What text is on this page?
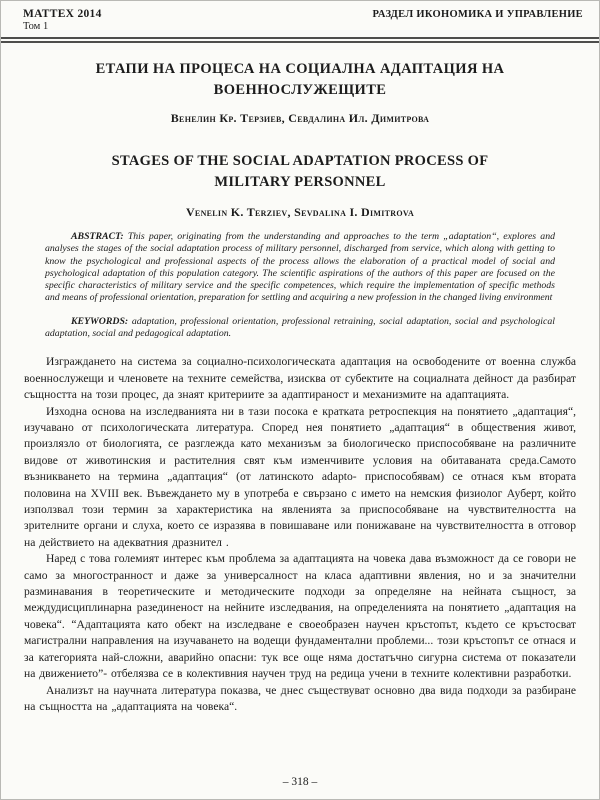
МАТТЕХ 2014
Том 1
РАЗДЕЛ ИКОНОМИКА И УПРАВЛЕНИЕ
ЕТАПИ НА ПРОЦЕСА НА СОЦИАЛНА АДАПТАЦИЯ НА ВОЕННОСЛУЖЕЩИТЕ
Венелин Кр. Терзиев, Севдалина Ил. Димитрова
STAGES OF THE SOCIAL ADAPTATION PROCESS OF MILITARY PERSONNEL
Venelin K. Terziev, Sevdalina I. Dimitrova

ABSTRACT: This paper, originating from the understanding and approaches to the term „adaptation“, explores and analyses the stages of the social adaptation process of military personnel, discharged from service, which along with getting to know the psychological and professional aspects of the process allows the elaboration of a practical model of social and psychological adaptation of this population category. The scientific aspirations of the authors of this paper are focused on the specific characteristics of military service and the specific competences, which require the implementation of specific methods and means of professional orientation, preparation for settling and acquiring a new profession in the changed living environment

KEYWORDS: adaptation, professional orientation, professional retraining, social adaptation, social and psychological adaptation, social and pedagogical adaptation.

Изграждането на система за социално-психологическата адаптация на освободените от военна служба военнослужещи и членовете на техните семейства, изисква от субектите на социалната дейност да разбират същността на този процес, да знаят критериите за адаптираност и механизмите на адаптацията.

Изходна основа на изследванията ни в тази посока е кратката ретроспекция на понятието „адаптация“, изучавано от психологическата литература. Според нея понятието „адаптация“ в обществения живот, произлязло от биологията, се разглежда като механизъм за биологическо приспособяване на различните видове от животинския и растителния свят към изменчивите условия на обитаваната среда.Самото възникването на термина „адаптация“ (от латинското adapto- приспособявам) се отнася към втората половина на XVIII век. Въвеждането му в употреба е свързано с името на немския физиолог Ауберт, който използвал този термин за характеристика на явленията за приспособяване на чувствителността на зрителните органи и слуха, което се изразява в повишаване или понижаване на чувствителността в отговор на действието на адекватния дразнител .

Наред с това големият интерес към проблема за адаптацията на човека дава възможност да се говори не само за многостранност и даже за универсалност на класа адаптивни явления, но и за значителни разминавания в теоретическите и методическите подходи за определяне на нейната същност, за междудисциплинарна разединеност на нейните изследвания, на определенията на понятието „адаптация на човека“. “Адаптацията като обект на изследване е своеобразен научен кръстопът, където се кръстосват магистрални направления на изучаването на водещи фундаментални проблеми... този кръстопът се отнася и за категорията най-сложни, аварийно опасни: тук все още няма достатъчно сигурна система от показатели на движението”- отбелязва се в колективния научен труд на редица учени в техните колективни разработки.

Анализът на научната литература показва, че днес съществуват основно два вида подходи за разбиране на същността на „адаптацията на човека“.

– 318 –
